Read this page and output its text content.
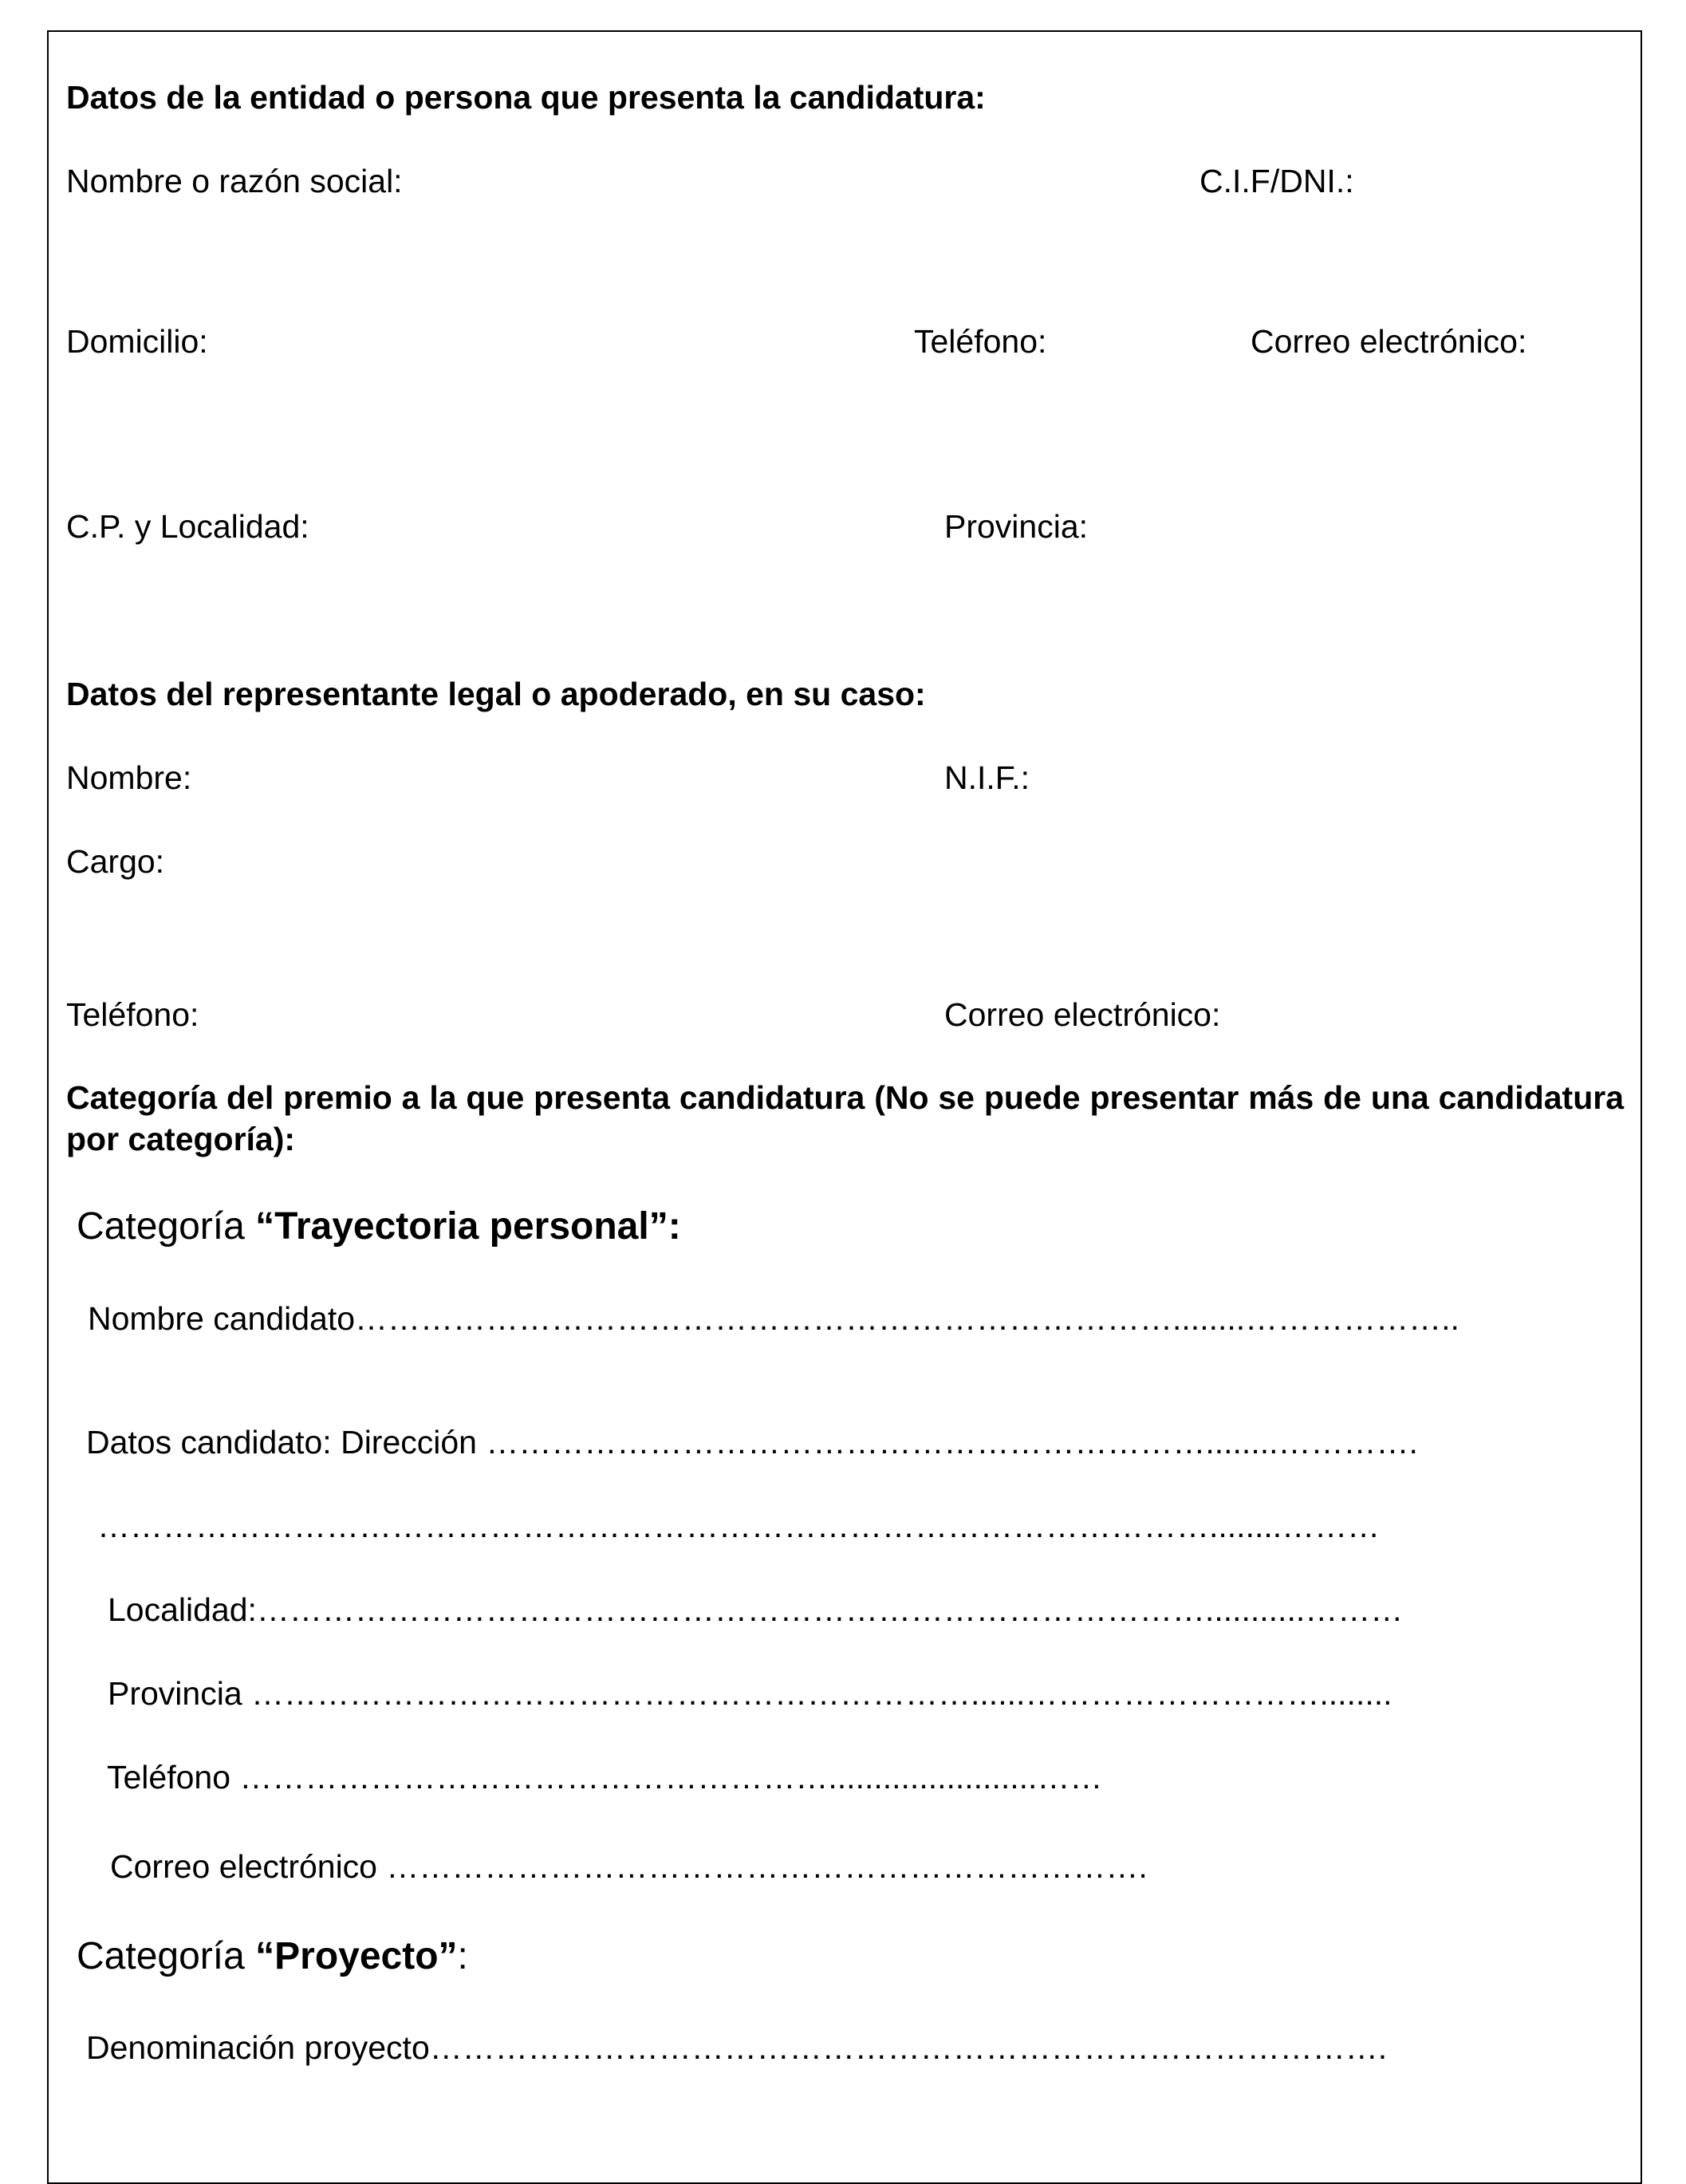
Datos de la entidad o persona que presenta la candidatura:
Nombre o razón social:	C.I.F/DNI.:
Domicilio:	Teléfono:	Correo electrónico:
C.P. y Localidad:	Provincia:
Datos del representante legal o apoderado, en su caso:
Nombre:	N.I.F.:
Cargo:
Teléfono:	Correo electrónico:
Categoría del premio a la que presenta candidatura (No se puede presentar más de una candidatura por categoría):
Categoría “Trayectoria personal”:
Nombre candidato…………………………………………………………………........………………..
Datos candidato: Dirección …………………………………………………………........………….
…………………………………………………………………………………………........………
Localidad:……………………………………………………………………………...........………
Provincia …………………………………………………………......………………………........
Teléfono ……………………………………………….......................……
Correo electrónico …………………………………………………………….
Categoría “Proyecto”:
Denominación proyecto…………………………………………………………………………….
